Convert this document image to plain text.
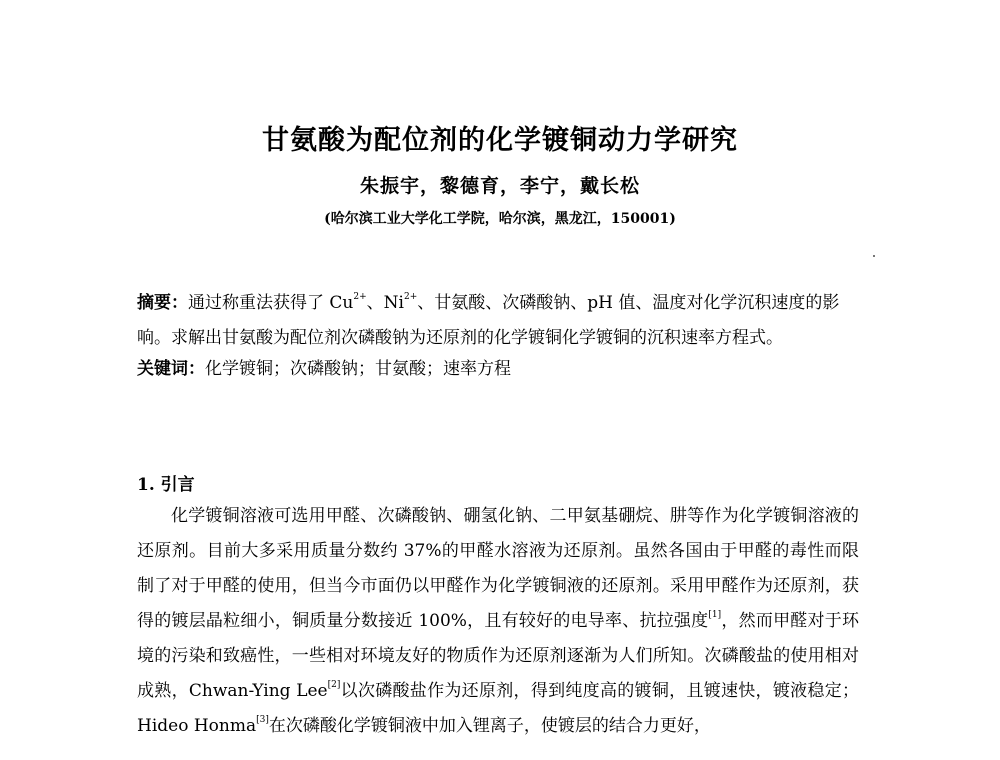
甘氨酸为配位剂的化学镀铜动力学研究
朱振宇，黎德育，李宁，戴长松
(哈尔滨工业大学化工学院，哈尔滨，黑龙江，150001)
摘要：通过称重法获得了 $Cu^{2+}$、$Ni^{2+}$、甘氨酸、次磷酸钠、pH 值、温度对化学沉积速度的影响。求解出甘氨酸为配位剂次磷酸钠为还原剂的化学镀铜化学镀铜的沉积速率方程式。
关键词：化学镀铜；次磷酸钠；甘氨酸；速率方程
1. 引言

化学镀铜溶液可选用甲醛、次磷酸钠、硼氢化钠、二甲氨基硼烷、肼等作为化学镀铜溶液的还原剂。目前大多采用质量分数约 37%的甲醛水溶液为还原剂。虽然各国由于甲醛的毒性而限制了对于甲醛的使用，但当今市面仍以甲醛作为化学镀铜液的还原剂。采用甲醛作为还原剂，获得的镀层晶粒细小，铜质量分数接近 100%，且有较好的电导率、抗拉强度[1]，然而甲醛对于环境的污染和致癌性，一些相对环境友好的物质作为还原剂逐渐为人们所知。次磷酸盐的使用相对成熟，Chwan-Ying Lee[2]以次磷酸盐作为还原剂，得到纯度高的镀铜，且镀速快，镀液稳定；Hideo Honma[3]在次磷酸化学镀铜液中加入锂离子，使镀层的结合力更好，
